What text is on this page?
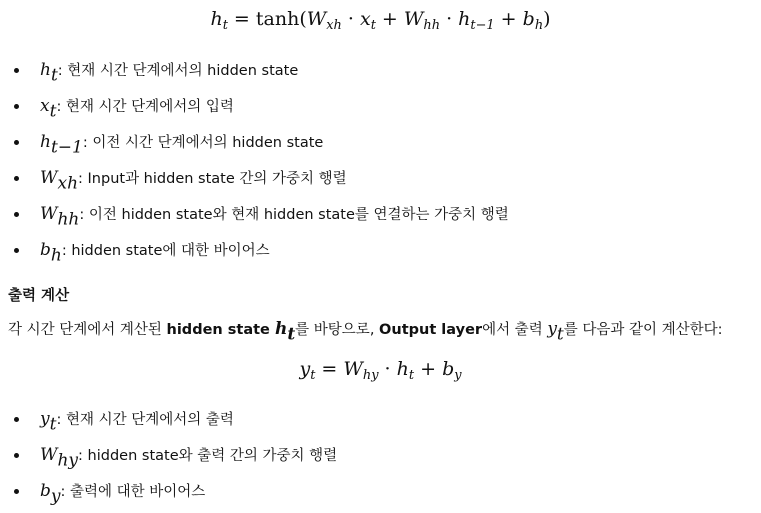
$h_t = \tanh(W_{xh} \cdot x_t + W_{hh} \cdot h_{t-1} + b_h)$
$h_t$: 현재 시간 단계에서의 hidden state
$x_t$: 현재 시간 단계에서의 입력
$h_{t-1}$: 이전 시간 단계에서의 hidden state
$W_{xh}$: Input과 hidden state 간의 가중치 행렬
$W_{hh}$: 이전 hidden state와 현재 hidden state를 연결하는 가중치 행렬
$b_h$: hidden state에 대한 바이어스
출력 계산

각 시간 단계에서 계산된 hidden state $h_t$를 바탕으로, Output layer에서 출력 $y_t$를 다음과 같이 계산한다:

$y_t = W_{hy} \cdot h_t + b_y$
$y_t$: 현재 시간 단계에서의 출력
$W_{hy}$: hidden state와 출력 간의 가중치 행렬
$b_y$: 출력에 대한 바이어스
